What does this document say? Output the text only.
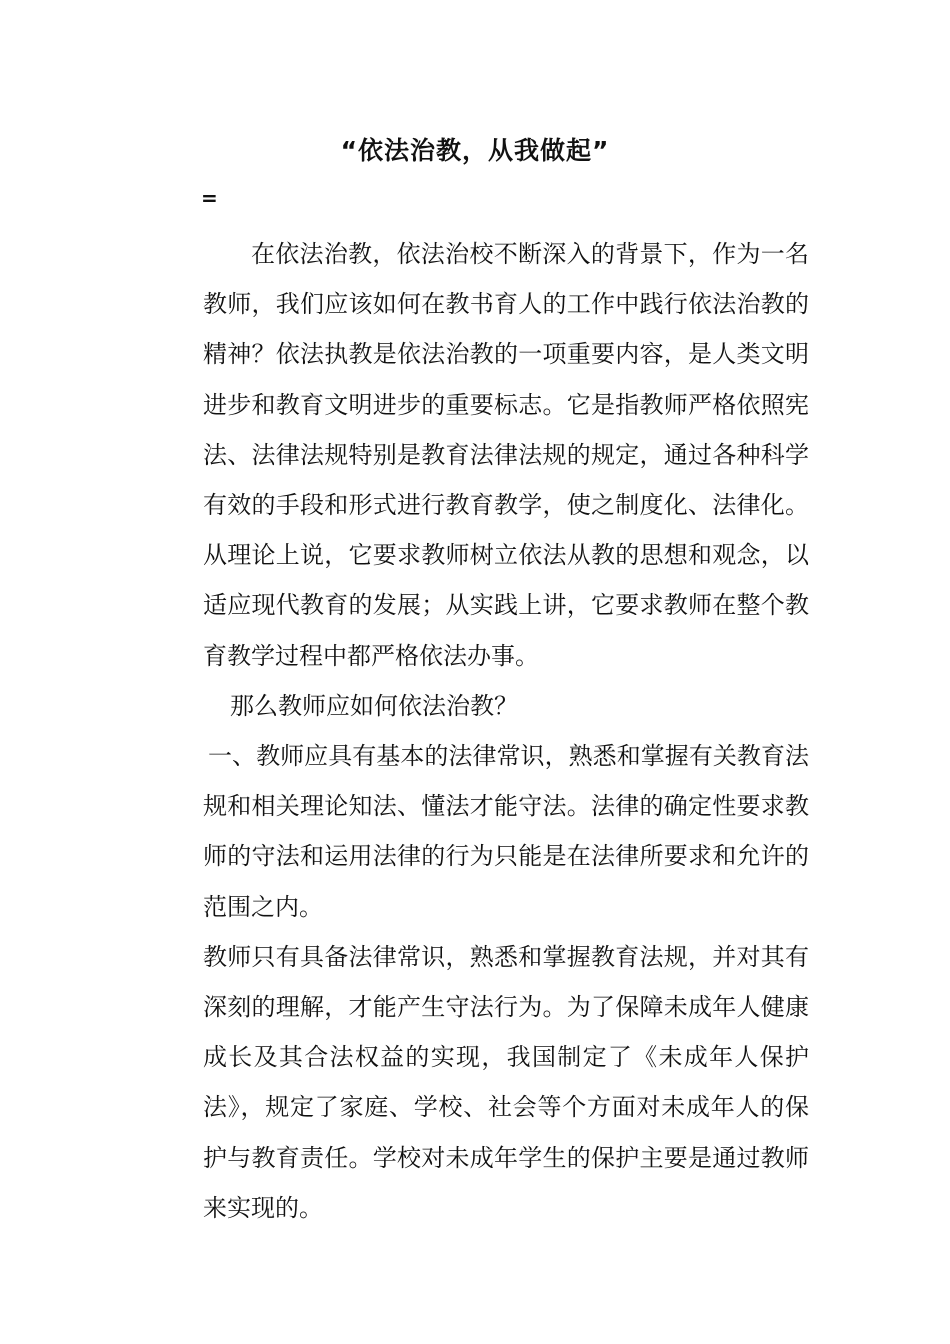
“依法治教，从我做起”
=

在依法治教，依法治校不断深入的背景下，作为一名教师，我们应该如何在教书育人的工作中践行依法治教的精神？依法执教是依法治教的一项重要内容，是人类文明进步和教育文明进步的重要标志。它是指教师严格依照宪法、法律法规特别是教育法律法规的规定，通过各种科学有效的手段和形式进行教育教学，使之制度化、法律化。从理论上说，它要求教师树立依法从教的思想和观念，以适应现代教育的发展；从实践上讲，它要求教师在整个教育教学过程中都严格依法办事。

那么教师应如何依法治教？

一、教师应具有基本的法律常识，熟悉和掌握有关教育法规和相关理论知法、懂法才能守法。法律的确定性要求教师的守法和运用法律的行为只能是在法律所要求和允许的范围之内。

教师只有具备法律常识，熟悉和掌握教育法规，并对其有深刻的理解，才能产生守法行为。为了保障未成年人健康成长及其合法权益的实现，我国制定了《未成年人保护法》，规定了家庭、学校、社会等个方面对未成年人的保护与教育责任。学校对未成年学生的保护主要是通过教师来实现的。
